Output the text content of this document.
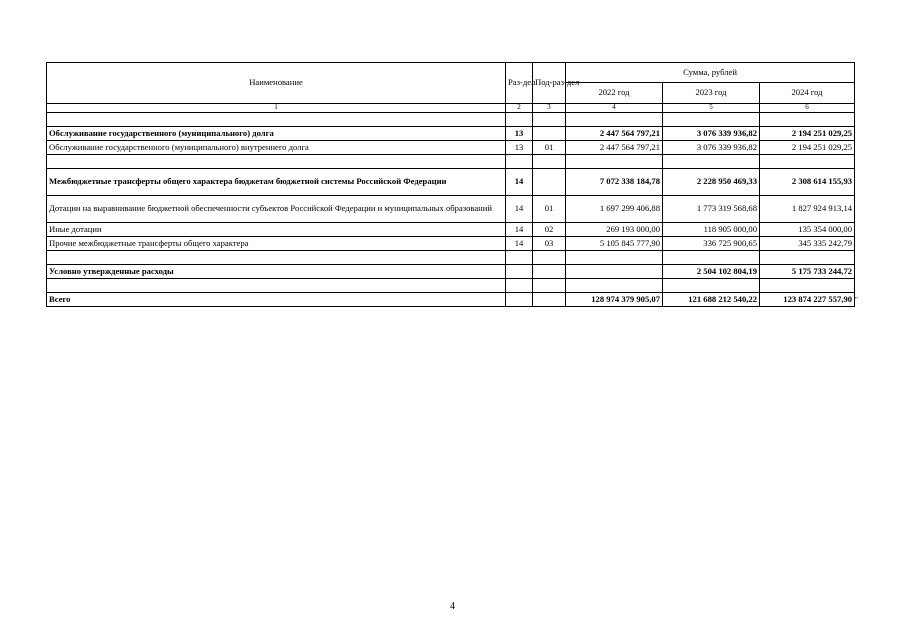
Наименование	Раз-дел	Под-раз-дел	Сумма, рублей		
			2022 год	2023 год	2024 год
1	2	3	4	5	6

Обслуживание государственного (муниципального) долга	13		2 447 564 797,21	3 076 339 936,82	2 194 251 029,25
Обслуживание государственного (муниципального) внутреннего долга	13	01	2 447 564 797,21	3 076 339 936,82	2 194 251 029,25

Межбюджетные трансферты общего характера бюджетам бюджетной системы Российской Федерации	14		7 072 338 184,78	2 228 950 469,33	2 308 614 155,93
Дотации на выравнивание бюджетной обеспеченности субъектов Российской Федерации и муниципальных образований	14	01	1 697 299 406,88	1 773 319 568,68	1 827 924 913,14
Иные дотации	14	02	269 193 000,00	118 905 000,00	135 354 000,00
Прочие межбюджетные трансферты общего характера	14	03	5 105 845 777,90	336 725 900,65	345 335 242,79

Условно утвержденные расходы				2 504 102 804,19	5 175 733 244,72

Всего			128 974 379 905,07	121 688 212 540,22	123 874 227 557,90 "
4
